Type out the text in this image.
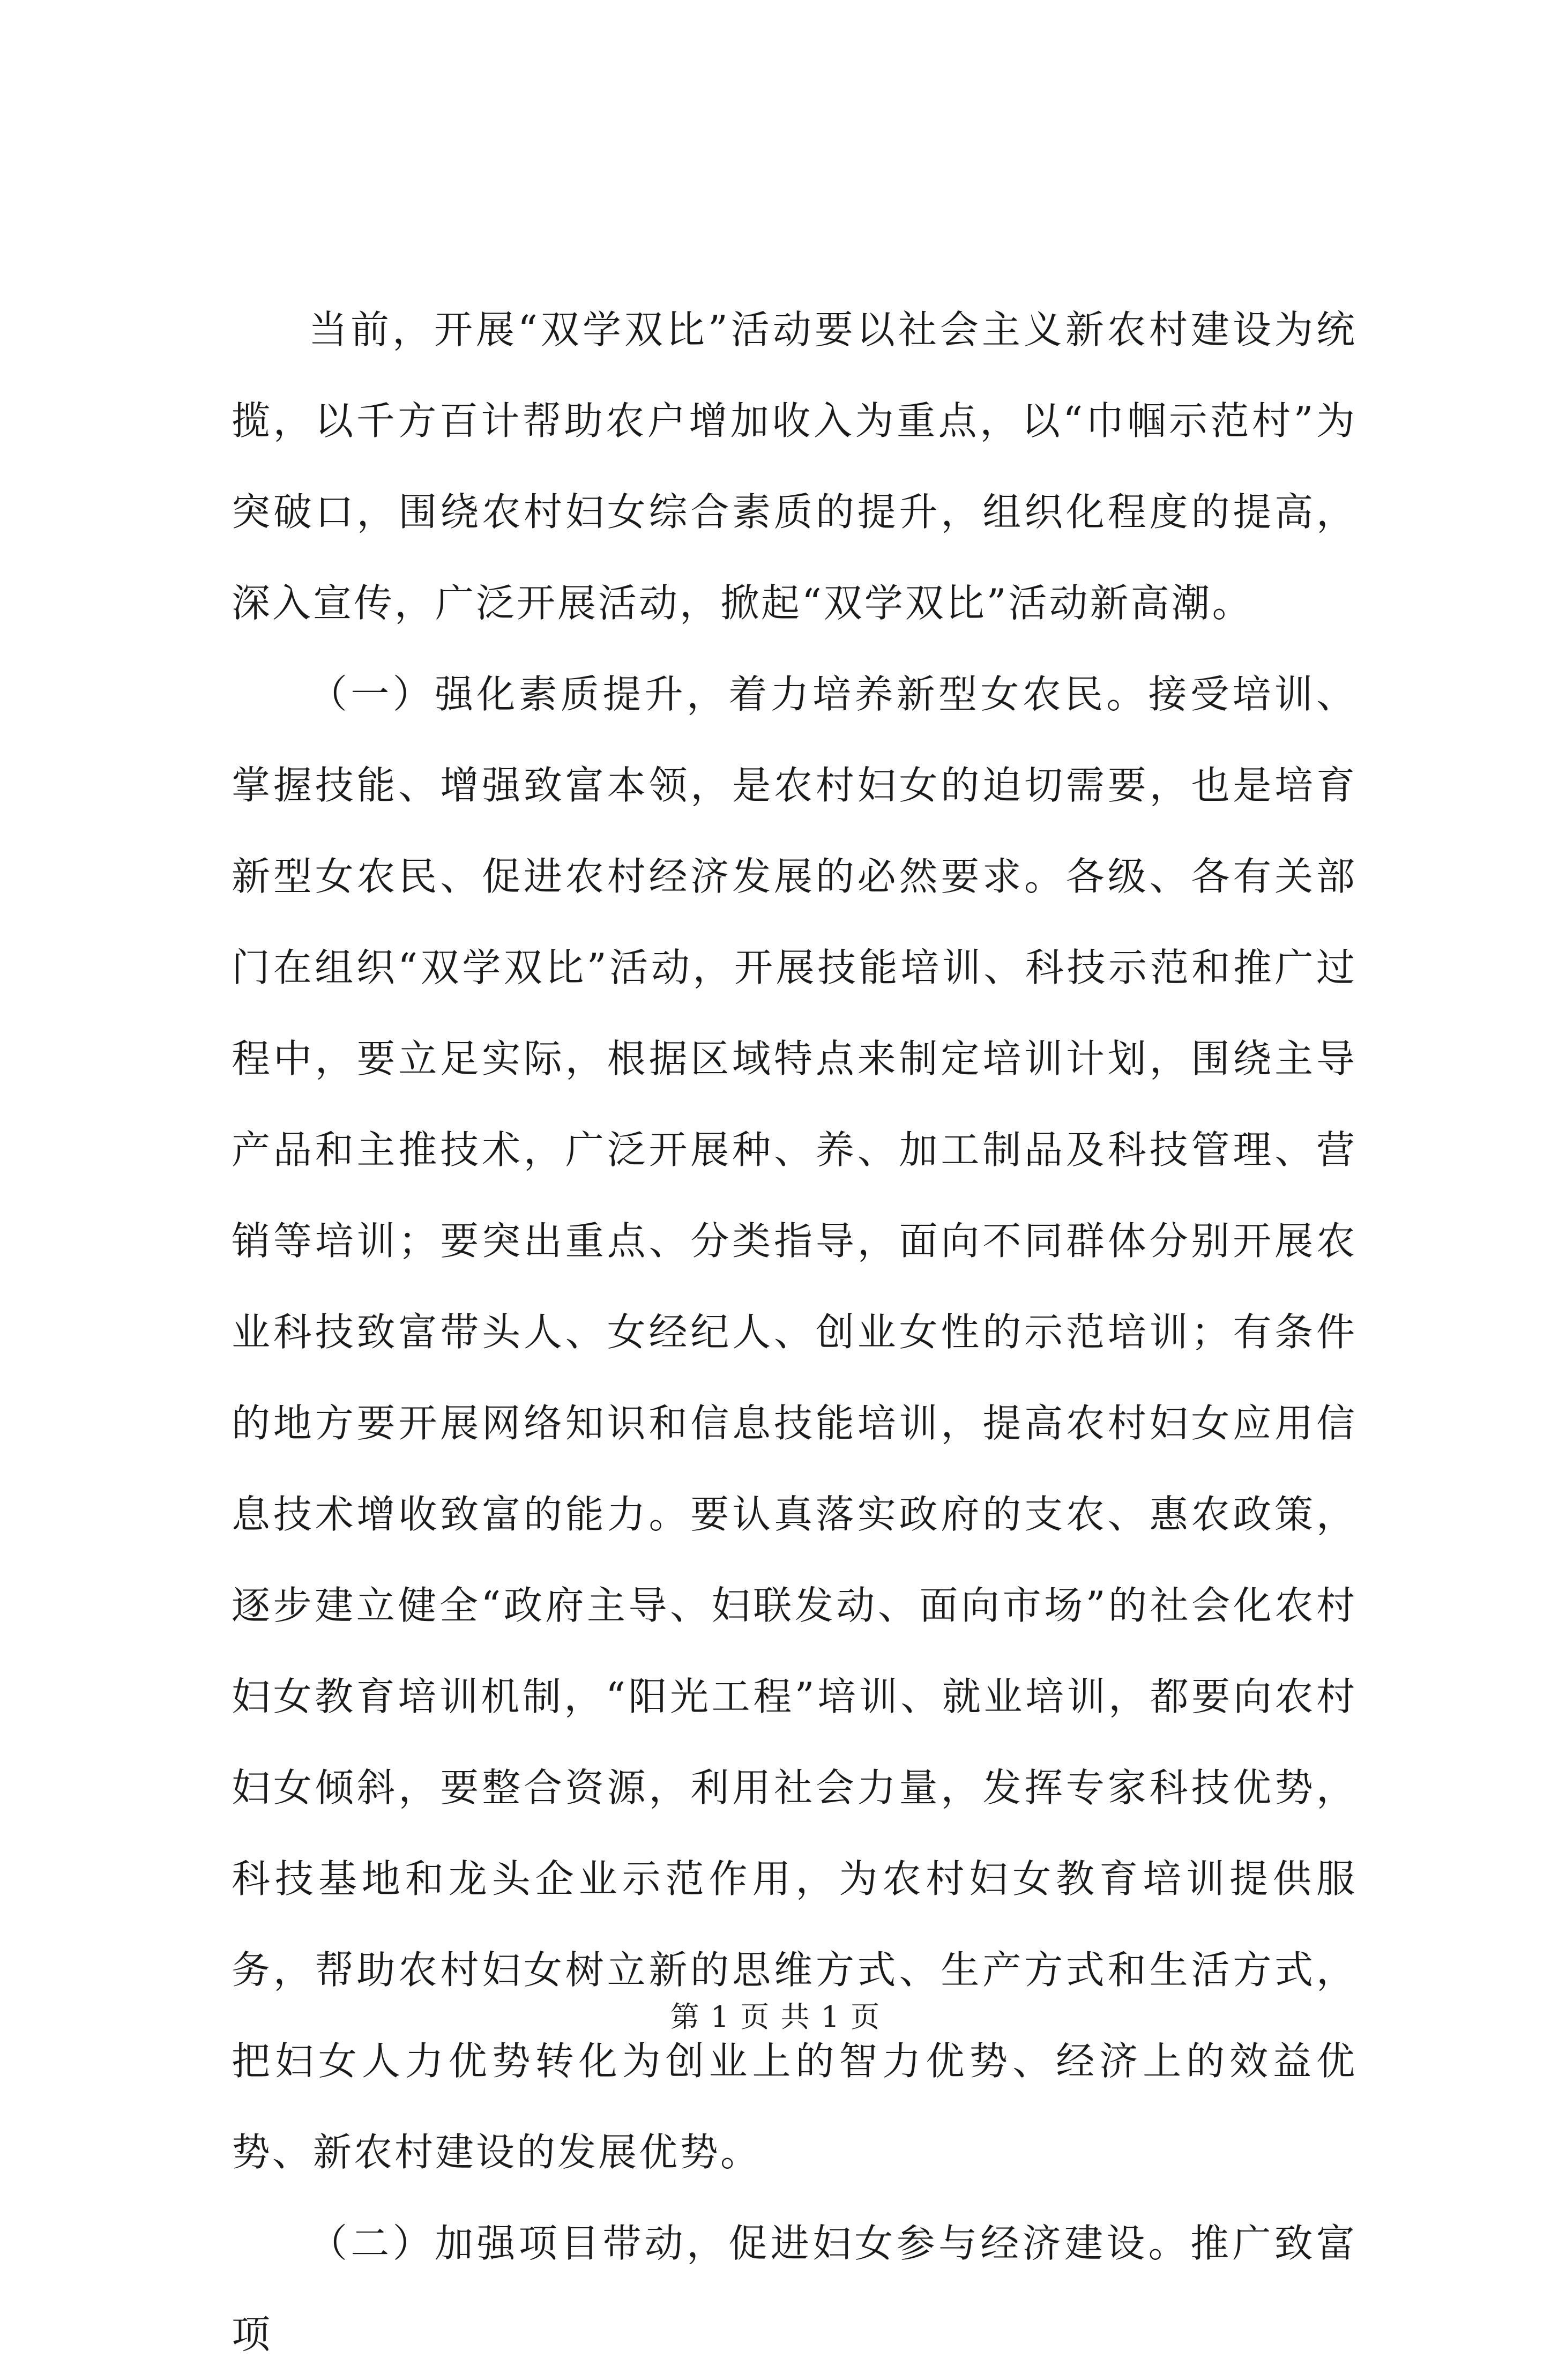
当前，开展“双学双比”活动要以社会主义新农村建设为统揽，以千方百计帮助农户增加收入为重点，以“巾帼示范村”为突破口，围绕农村妇女综合素质的提升，组织化程度的提高，深入宣传，广泛开展活动，掀起“双学双比”活动新高潮。

（一）强化素质提升，着力培养新型女农民。接受培训、掌握技能、增强致富本领，是农村妇女的迫切需要，也是培育新型女农民、促进农村经济发展的必然要求。各级、各有关部门在组织“双学双比”活动，开展技能培训、科技示范和推广过程中，要立足实际，根据区域特点来制定培训计划，围绕主导产品和主推技术，广泛开展种、养、加工制品及科技管理、营销等培训；要突出重点、分类指导，面向不同群体分别开展农业科技致富带头人、女经纪人、创业女性的示范培训；有条件的地方要开展网络知识和信息技能培训，提高农村妇女应用信息技术增收致富的能力。要认真落实政府的支农、惠农政策，逐步建立健全“政府主导、妇联发动、面向市场”的社会化农村妇女教育培训机制，“阳光工程”培训、就业培训，都要向农村妇女倾斜，要整合资源，利用社会力量，发挥专家科技优势，科技基地和龙头企业示范作用，为农村妇女教育培训提供服务，帮助农村妇女树立新的思维方式、生产方式和生活方式，把妇女人力优势转化为创业上的智力优势、经济上的效益优势、新农村建设的发展优势。

（二）加强项目带动，促进妇女参与经济建设。推广致富项

第 1 页 共 1 页
